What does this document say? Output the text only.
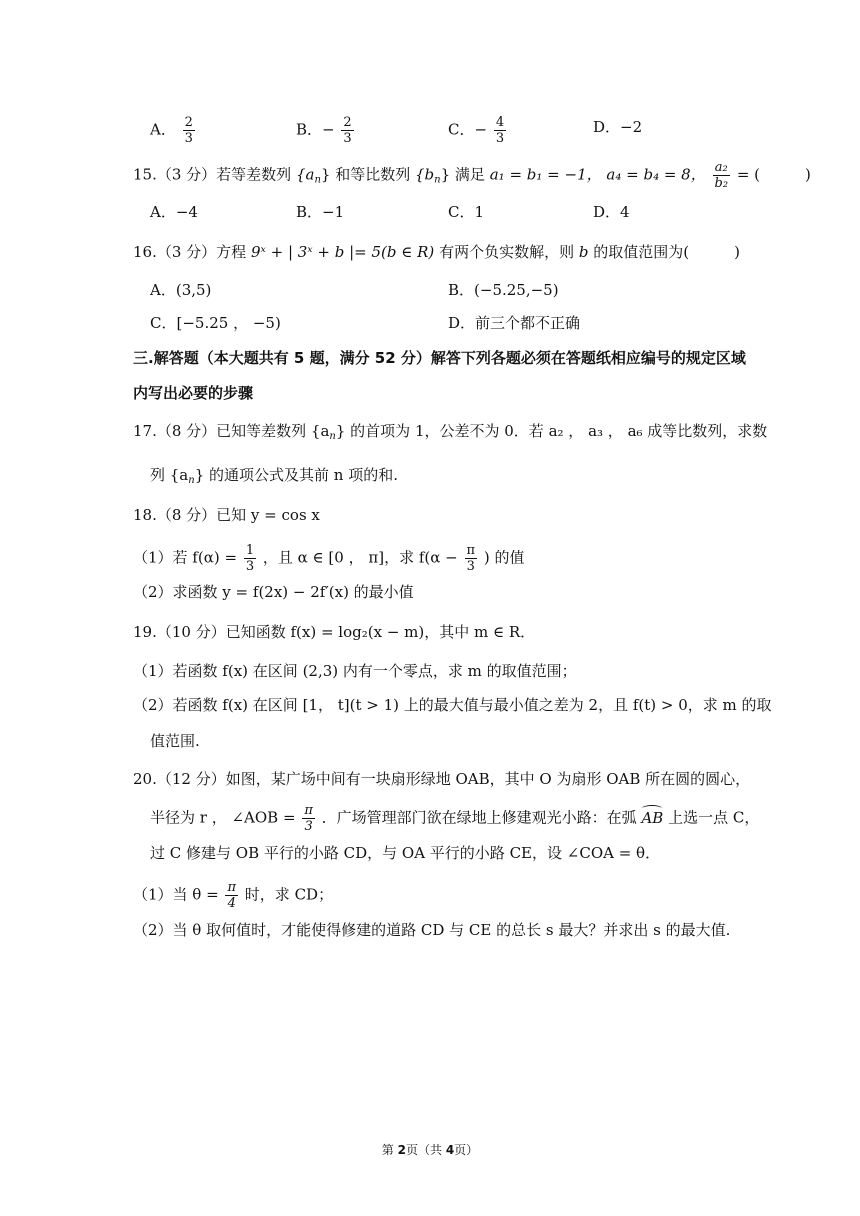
A． $\frac{2}{3}$	B．− $\frac{2}{3}$	C．− $\frac{4}{3}$	D．−2
15.（3 分）若等差数列 $\{a_n\}$ 和等比数列 $\{b_n\}$ 满足 a₁ = b₁ = −1， a₄ = b₄ = 8， $\frac{\text{a₂}}{\text{b₂}}$ = (　　　)
A．−4	B．−1	C．1	D．4
16.（3 分）方程 9ˣ + | 3ˣ + b |= 5(b ∈ R) 有两个负实数解，则 b 的取值范围为(　　　)
A．(3,5)	B．(−5.25,−5)
C．[−5.25 ， −5)	D．前三个都不正确
三.解答题（本大题共有 5 题，满分 52 分）解答下列各题必须在答题纸相应编号的规定区域
内写出必要的步骤
17.（8 分）已知等差数列 $\{a_n\}$ 的首项为 1，公差不为 0．若 a₂ ， a₃ ， a₆ 成等比数列，求数
列 $\{a_n\}$ 的通项公式及其前 n 项的和.
18.（8 分）已知 y = cos x
（1）若 $f(\alpha) = \frac{1}{3}$ ，且 α ∈ [0 ， π]，求 $f(\alpha - \frac{\pi}{3}$ ) 的值
（2）求函数 y = f(2x) − 2f′(x) 的最小值
19.（10 分）已知函数 f(x) = log₂(x − m)，其中 m ∈ R．
（1）若函数 f(x) 在区间 (2,3) 内有一个零点，求 m 的取值范围；
（2）若函数 f(x) 在区间 [1， t](t > 1) 上的最大值与最小值之差为 2，且 f(t) > 0，求 m 的取
值范围.
20.（12 分）如图，某广场中间有一块扇形绿地 OAB，其中 O 为扇形 OAB 所在圆的圆心，
半径为 r ， ∠AOB = $\frac{\pi}{3}$ ．广场管理部门欲在绿地上修建观光小路：在弧 AB 上选一点 C，
过 C 修建与 OB 平行的小路 CD，与 OA 平行的小路 CE，设 ∠COA = θ．
（1）当 $\theta = \frac{\pi}{4}$ 时，求 CD；
（2）当 θ 取何值时，才能使得修建的道路 CD 与 CE 的总长 s 最大？并求出 s 的最大值.
第 2页（共 4页）
